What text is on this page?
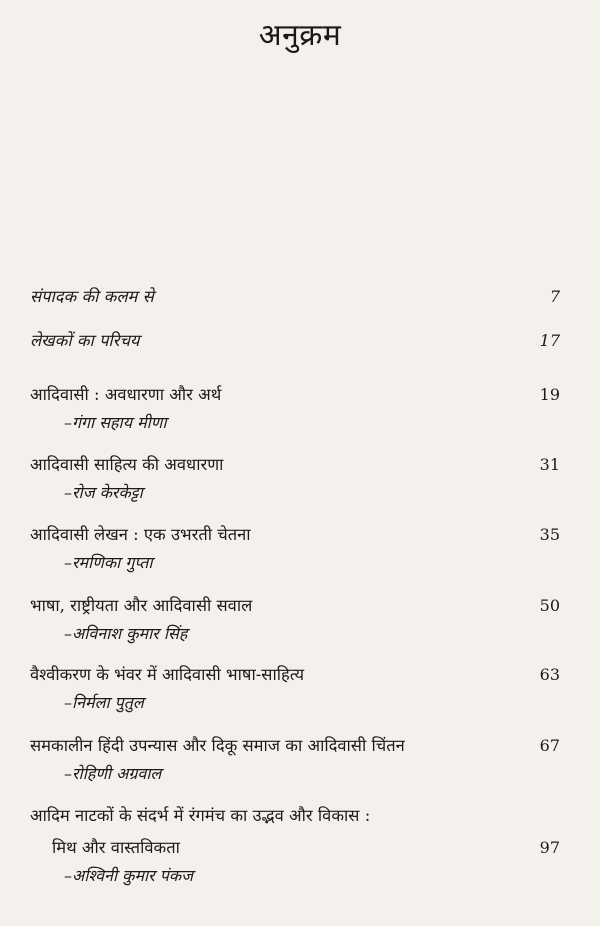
अनुक्रम
संपादक की कलम से	7
लेखकों का परिचय	17
आदिवासी : अवधारणा और अर्थ	19
–गंगा सहाय मीणा
आदिवासी साहित्य की अवधारणा	31
–रोज केरकेट्टा
आदिवासी लेखन : एक उभरती चेतना	35
–रमणिका गुप्ता
भाषा, राष्ट्रीयता और आदिवासी सवाल	50
–अविनाश कुमार सिंह
वैश्वीकरण के भंवर में आदिवासी भाषा-साहित्य	63
–निर्मला पुतुल
समकालीन हिंदी उपन्यास और दिकू समाज का आदिवासी चिंतन	67
–रोहिणी अग्रवाल
आदिम नाटकों के संदर्भ में रंगमंच का उद्भव और विकास :
मिथ और वास्तविकता	97
–अश्विनी कुमार पंकज
